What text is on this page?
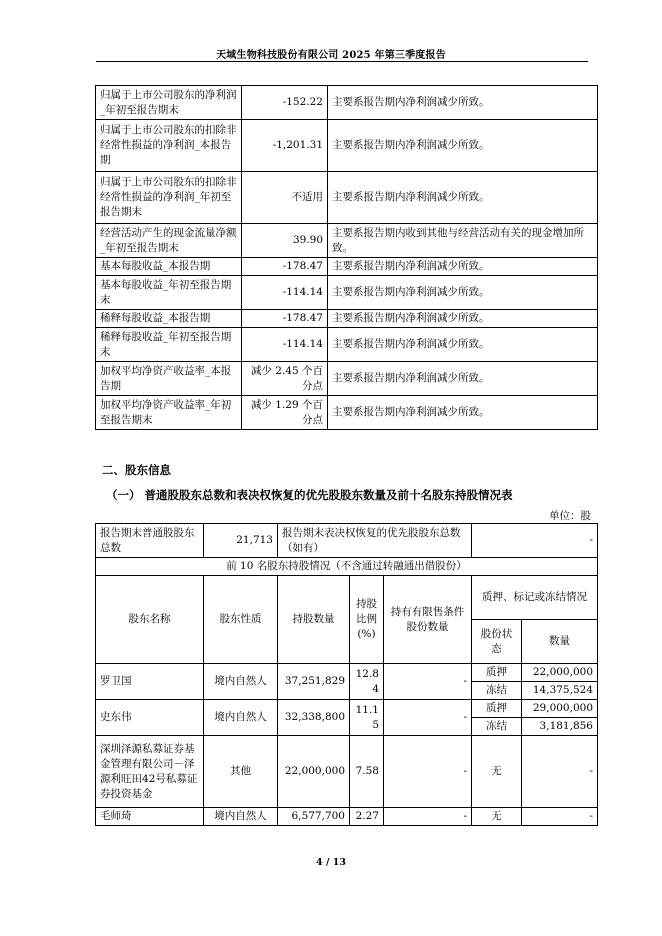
天域生物科技股份有限公司 2025 年第三季度报告
归属于上市公司股东的净利润_年初至报告期末	-152.22	主要系报告期内净利润减少所致。
归属于上市公司股东的扣除非经常性损益的净利润_本报告期	-1,201.31	主要系报告期内净利润减少所致。
归属于上市公司股东的扣除非经常性损益的净利润_年初至报告期末	不适用	主要系报告期内净利润减少所致。
经营活动产生的现金流量净额_年初至报告期末	39.90	主要系报告期内收到其他与经营活动有关的现金增加所致。
基本每股收益_本报告期	-178.47	主要系报告期内净利润减少所致。
基本每股收益_年初至报告期末	-114.14	主要系报告期内净利润减少所致。
稀释每股收益_本报告期	-178.47	主要系报告期内净利润减少所致。
稀释每股收益_年初至报告期末	-114.14	主要系报告期内净利润减少所致。
加权平均净资产收益率_本报告期	减少 2.45 个百分点	主要系报告期内净利润减少所致。
加权平均净资产收益率_年初至报告期末	减少 1.29 个百分点	主要系报告期内净利润减少所致。
二、股东信息
（一） 普通股股东总数和表决权恢复的优先股股东数量及前十名股东持股情况表
单位：股
报告期末普通股股东总数	21,713	报告期末表决权恢复的优先股股东总数（如有）			-	
前 10 名股东持股情况（不含通过转融通出借股份）						
股东名称	股东性质	持股数量	持股比例(%)	持有有限售条件股份数量	质押、标记或冻结情况	
					股份状态	数量
罗卫国	境内自然人	37,251,829	12.84	-	质押	22,000,000
					冻结	14,375,524
史东伟	境内自然人	32,338,800	11.15	-	质押	29,000,000
					冻结	3,181,856
深圳泽源私募证券基金管理有限公司－泽源利旺田42号私募证券投资基金	其他	22,000,000	7.58	-	无	-
毛师琦	境内自然人	6,577,700	2.27	-	无	-
4 / 13
